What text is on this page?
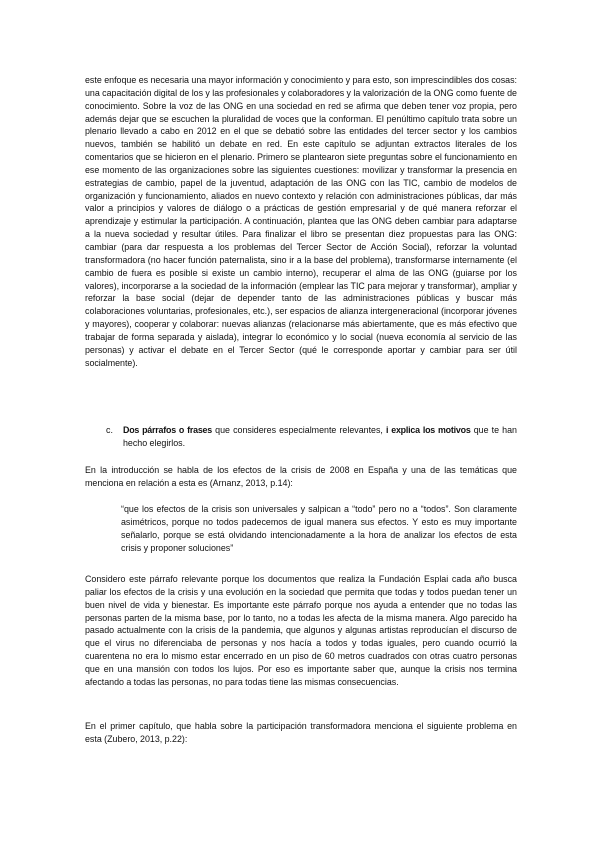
este enfoque es necesaria una mayor información y conocimiento y para esto, son imprescindibles dos cosas: una capacitación digital de los y las profesionales y colaboradores y la valorización de la ONG como fuente de conocimiento. Sobre la voz de las ONG en una sociedad en red se afirma que deben tener voz propia, pero además dejar que se escuchen la pluralidad de voces que la conforman. El penúltimo capítulo trata sobre un plenario llevado a cabo en 2012 en el que se debatió sobre las entidades del tercer sector y los cambios nuevos, también se habilitó un debate en red. En este capítulo se adjuntan extractos literales de los comentarios que se hicieron en el plenario. Primero se plantearon siete preguntas sobre el funcionamiento en ese momento de las organizaciones sobre las siguientes cuestiones: movilizar y transformar la presencia en estrategias de cambio, papel de la juventud, adaptación de las ONG con las TIC, cambio de modelos de organización y funcionamiento, aliados en nuevo contexto y relación con administraciones públicas, dar más valor a principios y valores de diálogo o a prácticas de gestión empresarial y de qué manera reforzar el aprendizaje y estimular la participación. A continuación, plantea que las ONG deben cambiar para adaptarse a la nueva sociedad y resultar útiles. Para finalizar el libro se presentan diez propuestas para las ONG: cambiar (para dar respuesta a los problemas del Tercer Sector de Acción Social), reforzar la voluntad transformadora (no hacer función paternalista, sino ir a la base del problema), transformarse internamente (el cambio de fuera es posible si existe un cambio interno), recuperar el alma de las ONG (guiarse por los valores), incorporarse a la sociedad de la información (emplear las TIC para mejorar y transformar), ampliar y reforzar la base social (dejar de depender tanto de las administraciones públicas y buscar más colaboraciones voluntarias, profesionales, etc.), ser espacios de alianza intergeneracional (incorporar jóvenes y mayores), cooperar y colaborar: nuevas alianzas (relacionarse más abiertamente, que es más efectivo que trabajar de forma separada y aislada), integrar lo económico y lo social (nueva economía al servicio de las personas) y activar el debate en el Tercer Sector (qué le corresponde aportar y cambiar para ser útil socialmente).

c. Dos párrafos o frases que consideres especialmente relevantes, i explica los motivos que te han hecho elegirlos.

En la introducción se habla de los efectos de la crisis de 2008 en España y una de las temáticas que menciona en relación a esta es (Arnanz, 2013, p.14):

“que los efectos de la crisis son universales y salpican a “todo” pero no a “todos”. Son claramente asimétricos, porque no todos padecemos de igual manera sus efectos. Y esto es muy importante señalarlo, porque se está olvidando intencionadamente a la hora de analizar los efectos de esta crisis y proponer soluciones”

Considero este párrafo relevante porque los documentos que realiza la Fundación Esplai cada año busca paliar los efectos de la crisis y una evolución en la sociedad que permita que todas y todos puedan tener un buen nivel de vida y bienestar. Es importante este párrafo porque nos ayuda a entender que no todas las personas parten de la misma base, por lo tanto, no a todas les afecta de la misma manera. Algo parecido ha pasado actualmente con la crisis de la pandemia, que algunos y algunas artistas reproducían el discurso de que el virus no diferenciaba de personas y nos hacía a todos y todas iguales, pero cuando ocurrió la cuarentena no era lo mismo estar encerrado en un piso de 60 metros cuadrados con otras cuatro personas que en una mansión con todos los lujos. Por eso es importante saber que, aunque la crisis nos termina afectando a todas las personas, no para todas tiene las mismas consecuencias.

En el primer capítulo, que habla sobre la participación transformadora menciona el siguiente problema en esta (Zubero, 2013, p.22):
